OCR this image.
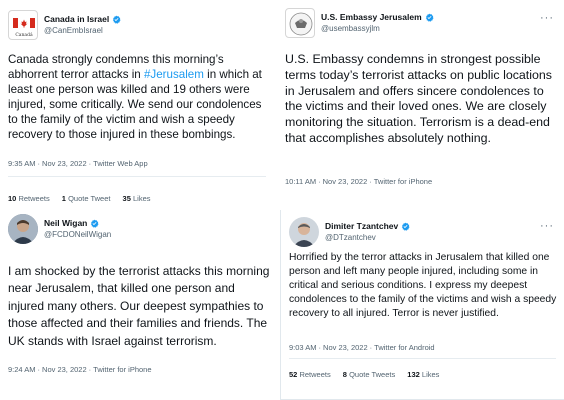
Canadá
Canada in Israel
@CanEmbIsrael
Canada strongly condemns this morning’s abhorrent terror attacks in #Jerusalem in which at least one person was killed and 19 others were injured, some critically. We send our condolences to the family of the victim and wish a speedy recovery to those injured in these bombings.
9:35 AM · Nov 23, 2022 · Twitter Web App
10 Retweets 1 Quote Tweet 35 Likes
U.S. Embassy Jerusalem
@usembassyjlm
···
U.S. Embassy condemns in strongest possible terms today’s terrorist attacks on public locations in Jerusalem and offers sincere condolences to the victims and their loved ones. We are closely monitoring the situation. Terrorism is a dead-end that accomplishes absolutely nothing.
10:11 AM · Nov 23, 2022 · Twitter for iPhone
Neil Wigan
@FCDONeilWigan
I am shocked by the terrorist attacks this morning near Jerusalem, that killed one person and injured many others. Our deepest sympathies to those affected and their families and friends. The UK stands with Israel against terrorism.
9:24 AM · Nov 23, 2022 · Twitter for iPhone
Dimiter Tzantchev
@DTzantchev
···
Horrified by the terror attacks in Jerusalem that killed one person and left many people injured, including some in critical and serious conditions. I express my deepest condolences to the family of the victims and wish a speedy recovery to all injured. Terror is never justified.
9:03 AM · Nov 23, 2022 · Twitter for Android
52 Retweets 8 Quote Tweets 132 Likes
